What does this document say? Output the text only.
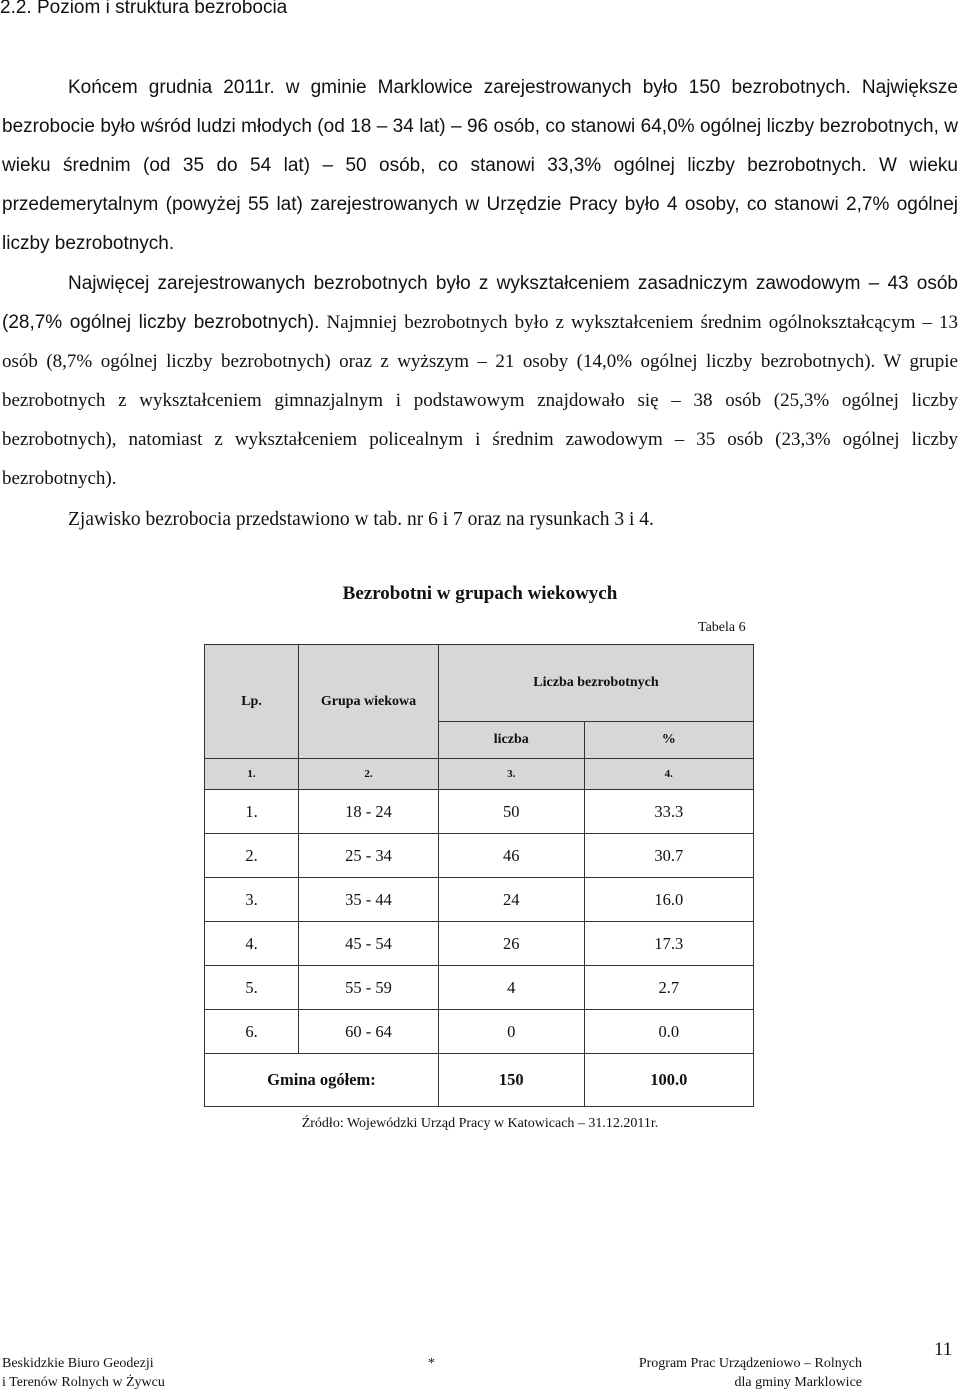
2.2. Poziom i struktura bezrobocia

Końcem grudnia 2011r. w gminie Marklowice zarejestrowanych było 150 bezrobotnych. Największe bezrobocie było wśród ludzi młodych (od 18 – 34 lat) – 96 osób, co stanowi 64,0% ogólnej liczby bezrobotnych, w wieku średnim (od 35 do 54 lat) – 50 osób, co stanowi 33,3% ogólnej liczby bezrobotnych. W wieku przedemerytalnym (powyżej 55 lat) zarejestrowanych w Urzędzie Pracy było 4 osoby, co stanowi 2,7% ogólnej liczby bezrobotnych.

Najwięcej zarejestrowanych bezrobotnych było z wykształceniem zasadniczym zawodowym – 43 osób (28,7% ogólnej liczby bezrobotnych). Najmniej bezrobotnych było z wykształceniem średnim ogólnokształcącym – 13 osób (8,7% ogólnej liczby bezrobotnych) oraz z wyższym – 21 osoby (14,0% ogólnej liczby bezrobotnych). W grupie bezrobotnych z wykształceniem gimnazjalnym i podstawowym znajdowało się – 38 osób (25,3% ogólnej liczby bezrobotnych), natomiast z wykształceniem policealnym i średnim zawodowym – 35 osób (23,3% ogólnej liczby bezrobotnych).

Zjawisko bezrobocia przedstawiono w tab. nr 6 i 7 oraz na rysunkach 3 i 4.

Bezrobotni w grupach wiekowych

Tabela 6
Lp.	Grupa wiekowa	Liczba bezrobotnych	
		liczba	%
1.	2.	3.	4.
1.	18 - 24	50	33.3
2.	25 - 34	46	30.7
3.	35 - 44	24	16.0
4.	45 - 54	26	17.3
5.	55 - 59	4	2.7
6.	60 - 64	0	0.0
Gmina ogółem:		150	100.0

Źródło: Wojewódzki Urząd Pracy w Katowicach – 31.12.2011r.

Beskidzkie Biuro Geodezji
i Terenów Rolnych w Żywcu

*	Program Prac Urządzeniowo – Rolnych
dla gminy Marklowice

11
